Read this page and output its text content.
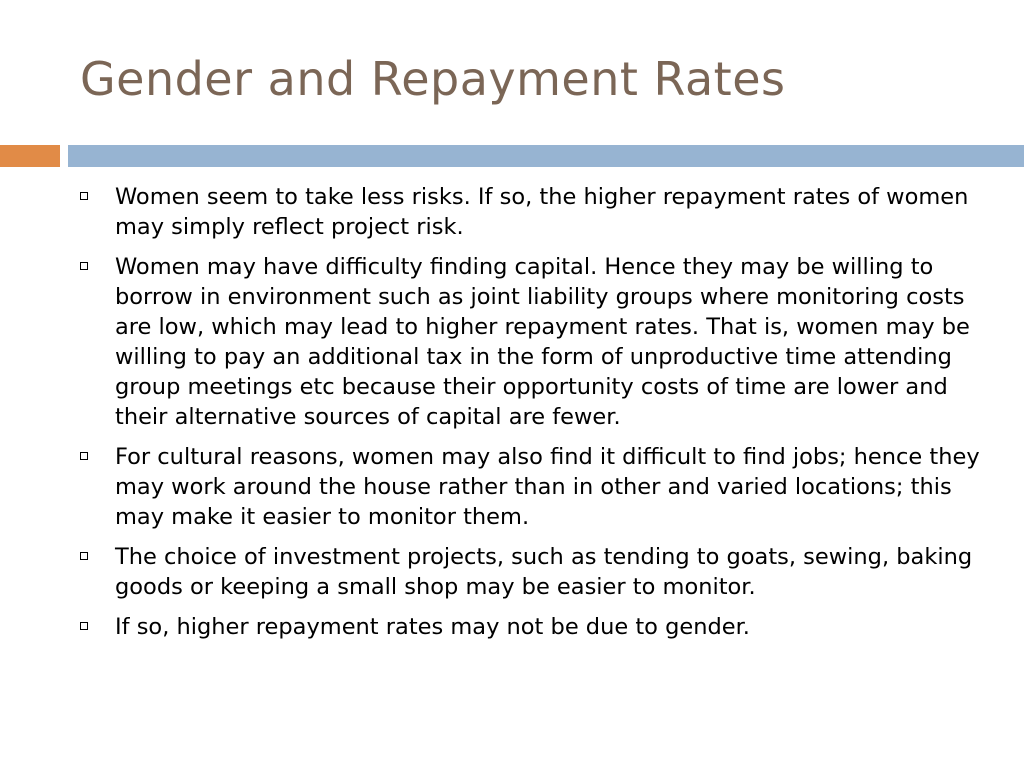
Gender and Repayment Rates
Women seem to take less risks. If so, the higher repayment rates of women may simply reflect project risk.
Women may have difficulty finding capital. Hence they may be willing to borrow in environment such as joint liability groups where monitoring costs are low, which may lead to higher repayment rates. That is, women may be willing to pay an additional tax in the form of unproductive time attending group meetings etc because their opportunity costs of time are lower and their alternative sources of capital are fewer.
For cultural reasons, women may also find it difficult to find jobs; hence they may work around the house rather than in other and varied locations; this may make it easier to monitor them.
The choice of investment projects, such as tending to goats, sewing, baking goods or keeping a small shop may be easier to monitor.
If so, higher repayment rates may not be due to gender.
